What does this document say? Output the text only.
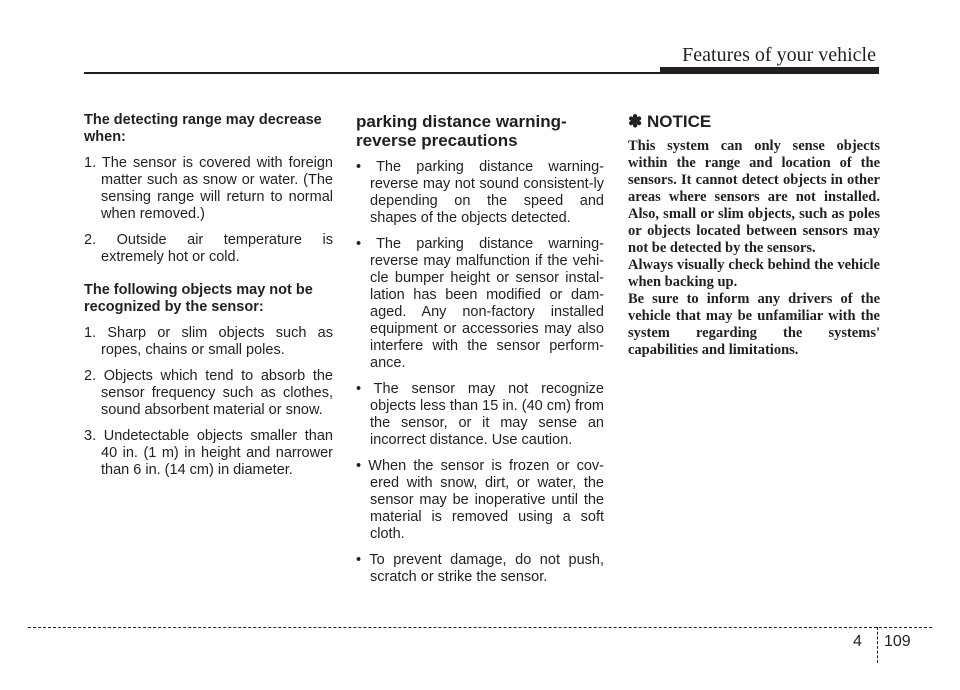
Features of your vehicle

The detecting range may decrease when:

1. The sensor is covered with foreign matter such as snow or water. (The sensing range will return to normal when removed.)

2. Outside air temperature is extremely hot or cold.

The following objects may not be recognized by the sensor:

1. Sharp or slim objects such as ropes, chains or small poles.

2. Objects which tend to absorb the sensor frequency such as clothes, sound absorbent material or snow.

3. Undetectable objects smaller than 40 in. (1 m) in height and narrower than 6 in. (14 cm) in diameter.

parking distance warning-reverse precautions

• The parking distance warning-reverse may not sound consistent-ly depending on the speed and shapes of the objects detected.

• The parking distance warning-reverse may malfunction if the vehi-cle bumper height or sensor instal-lation has been modified or dam-aged. Any non-factory installed equipment or accessories may also interfere with the sensor perform-ance.

• The sensor may not recognize objects less than 15 in. (40 cm) from the sensor, or it may sense an incorrect distance. Use caution.

• When the sensor is frozen or cov-ered with snow, dirt, or water, the sensor may be inoperative until the material is removed using a soft cloth.

• To prevent damage, do not push, scratch or strike the sensor.

✽ NOTICE

This system can only sense objects within the range and location of the sensors. It cannot detect objects in other areas where sensors are not installed. Also, small or slim objects, such as poles or objects located between sensors may not be detected by the sensors.

Always visually check behind the vehicle when backing up.

Be sure to inform any drivers of the vehicle that may be unfamiliar with the system regarding the systems' capabilities and limitations.

4 109
